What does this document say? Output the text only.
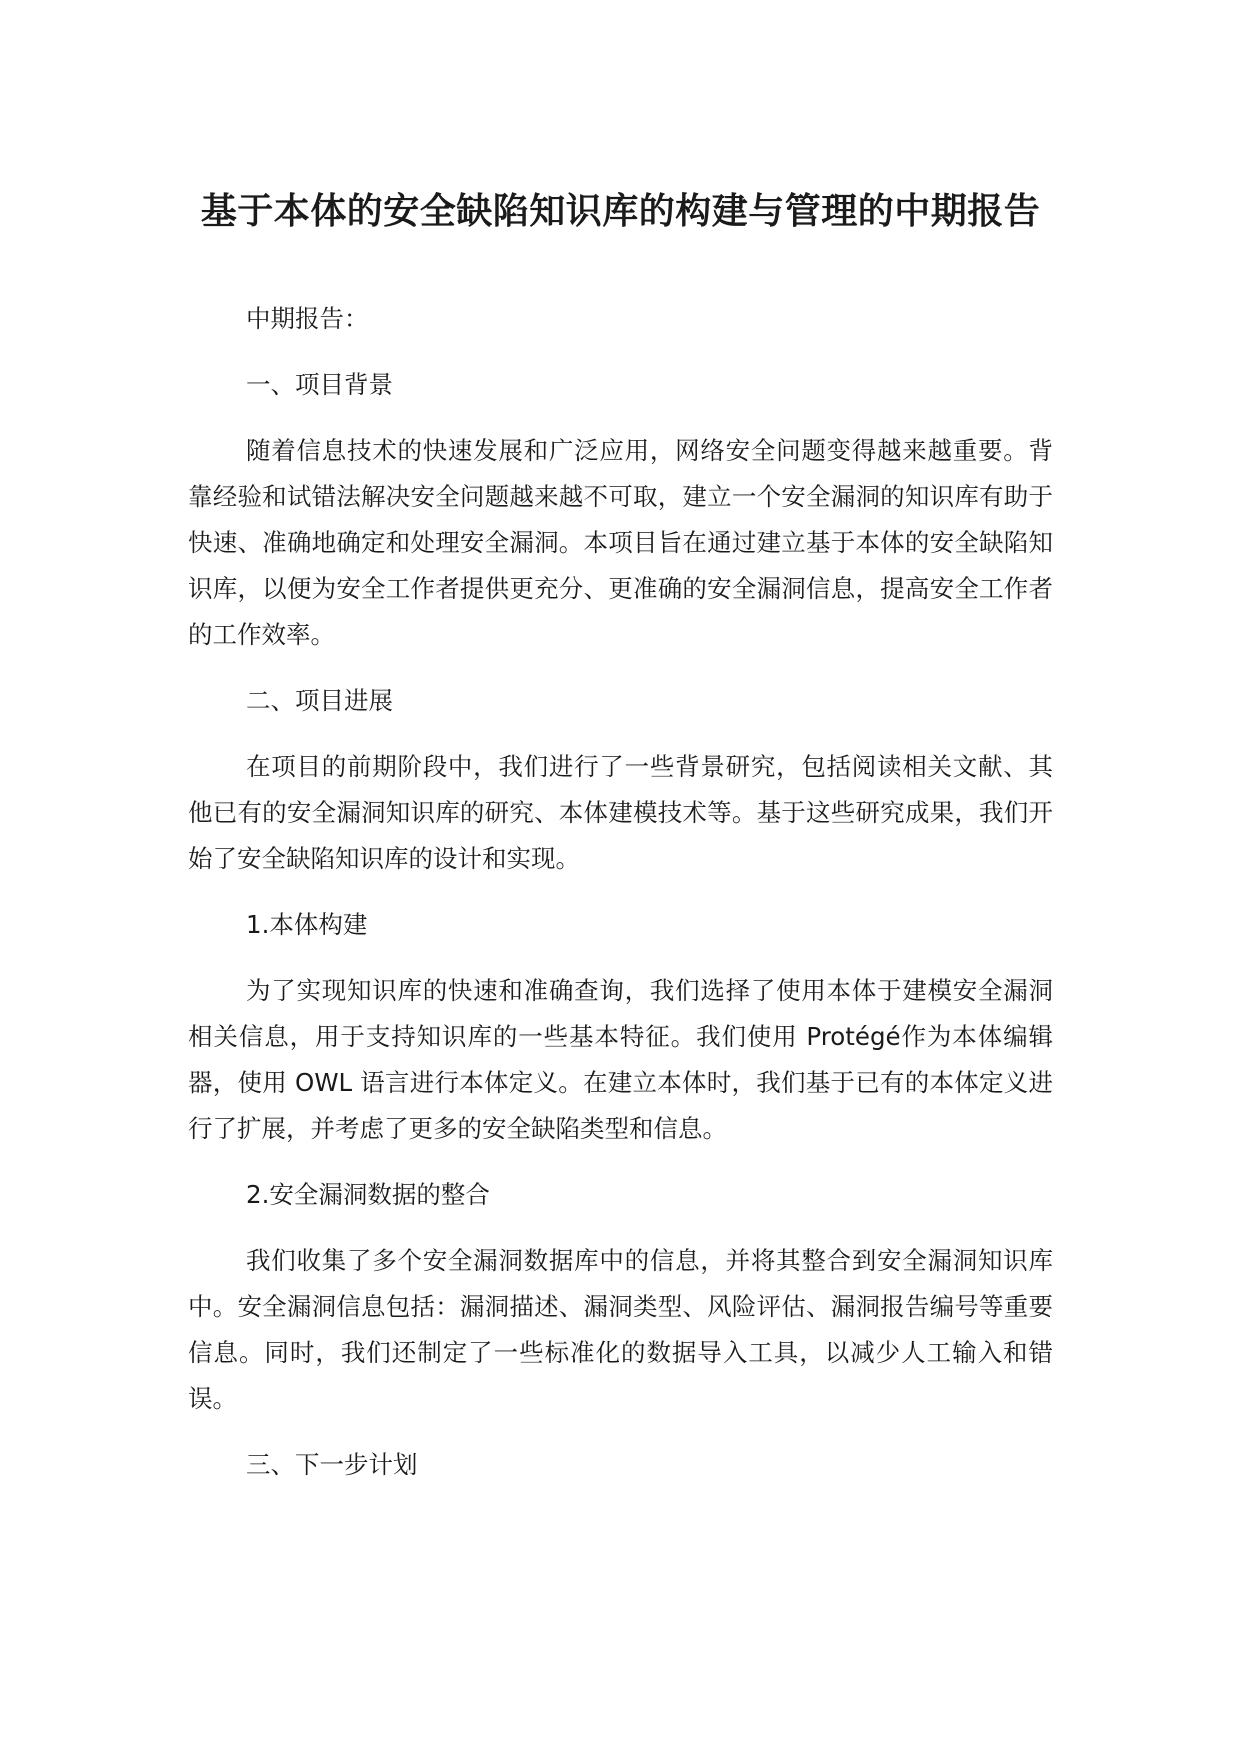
基于本体的安全缺陷知识库的构建与管理的中期报告

中期报告：

一、项目背景

随着信息技术的快速发展和广泛应用，网络安全问题变得越来越重要。背靠经验和试错法解决安全问题越来越不可取，建立一个安全漏洞的知识库有助于快速、准确地确定和处理安全漏洞。本项目旨在通过建立基于本体的安全缺陷知识库，以便为安全工作者提供更充分、更准确的安全漏洞信息，提高安全工作者的工作效率。

二、项目进展

在项目的前期阶段中，我们进行了一些背景研究，包括阅读相关文献、其他已有的安全漏洞知识库的研究、本体建模技术等。基于这些研究成果，我们开始了安全缺陷知识库的设计和实现。

1.本体构建

为了实现知识库的快速和准确查询，我们选择了使用本体于建模安全漏洞相关信息，用于支持知识库的一些基本特征。我们使用 Protégé作为本体编辑器，使用 OWL 语言进行本体定义。在建立本体时，我们基于已有的本体定义进行了扩展，并考虑了更多的安全缺陷类型和信息。

2.安全漏洞数据的整合

我们收集了多个安全漏洞数据库中的信息，并将其整合到安全漏洞知识库中。安全漏洞信息包括：漏洞描述、漏洞类型、风险评估、漏洞报告编号等重要信息。同时，我们还制定了一些标准化的数据导入工具，以减少人工输入和错误。

三、下一步计划
